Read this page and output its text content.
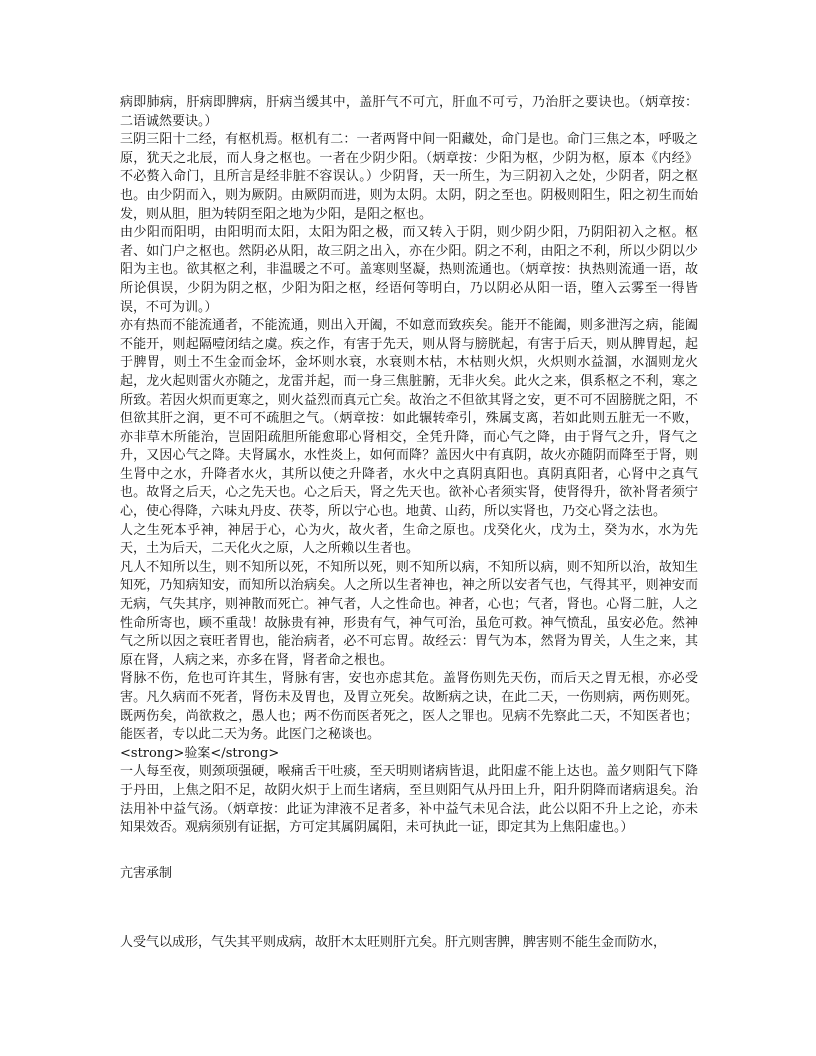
病即肺病，肝病即脾病，肝病当缓其中，盖肝气不可亢，肝血不可亏，乃治肝之要诀也。（炳章按：二语诚然要诀。）

三阴三阳十二经，有枢机焉。枢机有二：一者两肾中间一阳藏处，命门是也。命门三焦之本，呼吸之原，犹天之北辰，而人身之枢也。一者在少阴少阳。（炳章按：少阳为枢，少阴为枢，原本《内经》不必赘入命门，且所言是经非脏不容误认。）少阴肾，天一所生，为三阴初入之处，少阴者，阴之枢也。由少阴而入，则为厥阴。由厥阴而进，则为太阴。太阴，阴之至也。阴极则阳生，阳之初生而始发，则从胆，胆为转阴至阳之地为少阳，是阳之枢也。

由少阳而阳明，由阳明而太阳，太阳为阳之极，而又转入于阴，则少阴少阳，乃阴阳初入之枢。枢者、如门户之枢也。然阴必从阳，故三阴之出入，亦在少阳。阴之不利，由阳之不利，所以少阴以少阳为主也。欲其枢之利，非温暖之不可。盖寒则坚凝，热则流通也。（炳章按：执热则流通一语，故所论俱误，少阴为阴之枢，少阳为阳之枢，经语何等明白，乃以阴必从阳一语，堕入云雾至一得皆误，不可为训。）

亦有热而不能流通者，不能流通，则出入开阖，不如意而致疾矣。能开不能阖，则多泄泻之病，能阖不能开，则起隔噎闭结之虞。疾之作，有害于先天，则从肾与膀胱起，有害于后天，则从脾胃起，起于脾胃，则土不生金而金坏，金坏则水衰，水衰则木枯，木枯则火炽，火炽则水益涸，水涸则龙火起，龙火起则雷火亦随之，龙雷并起，而一身三焦脏腑，无非火矣。此火之来，俱系枢之不利，寒之所致。若因火炽而更寒之，则火益烈而真元亡矣。故治之不但欲其肾之安，更不可不固膀胱之阳，不但欲其肝之润，更不可不疏胆之气。（炳章按：如此辗转牵引，殊属支离，若如此则五脏无一不败，亦非草木所能治，岂固阳疏胆所能愈耶心肾相交，全凭升降，而心气之降，由于肾气之升，肾气之升，又因心气之降。夫肾属水，水性炎上，如何而降？盖因火中有真阴，故火亦随阴而降至于肾，则生肾中之水，升降者水火，其所以使之升降者，水火中之真阴真阳也。真阴真阳者，心肾中之真气也。故肾之后天，心之先天也。心之后天，肾之先天也。欲补心者须实肾，使肾得升，欲补肾者须宁心，使心得降，六味丸丹皮、茯苓，所以宁心也。地黄、山药，所以实肾也，乃交心肾之法也。

人之生死本乎神，神居于心，心为火，故火者，生命之原也。戊癸化火，戊为土，癸为水，水为先天，土为后天，二天化火之原，人之所赖以生者也。

凡人不知所以生，则不知所以死，不知所以死，则不知所以病，不知所以病，则不知所以治，故知生知死，乃知病知安，而知所以治病矣。人之所以生者神也，神之所以安者气也，气得其平，则神安而无病，气失其序，则神散而死亡。神气者，人之性命也。神者，心也；气者，肾也。心肾二脏，人之性命所寄也，顾不重哉！故脉贵有神，形贵有气，神气可治，虽危可救。神气愤乱，虽安必危。然神气之所以因之衰旺者胃也，能治病者，必不可忘胃。故经云：胃气为本，然肾为胃关，人生之来，其原在肾，人病之来，亦多在肾，肾者命之根也。

肾脉不伤，危也可许其生，肾脉有害，安也亦虑其危。盖肾伤则先天伤，而后天之胃无根，亦必受害。凡久病而不死者，肾伤未及胃也，及胃立死矣。故断病之诀，在此二天，一伤则病，两伤则死。既两伤矣，尚欲救之，愚人也；两不伤而医者死之，医人之罪也。见病不先察此二天，不知医者也；能医者，专以此二天为务。此医门之秘谈也。

<strong>验案</strong>

一人每至夜，则颈项强硬，喉痛舌干吐痰，至天明则诸病皆退，此阳虚不能上达也。盖夕则阳气下降于丹田，上焦之阳不足，故阴火炽于上而生诸病，至旦则阳气从丹田上升，阳升阴降而诸病退矣。治法用补中益气汤。（炳章按：此证为津液不足者多，补中益气未见合法，此公以阳不升上之论，亦未知果效否。观病须别有证据，方可定其属阴属阳，未可执此一证，即定其为上焦阳虚也。）

亢害承制

人受气以成形，气失其平则成病，故肝木太旺则肝亢矣。肝亢则害脾，脾害则不能生金而防水，
